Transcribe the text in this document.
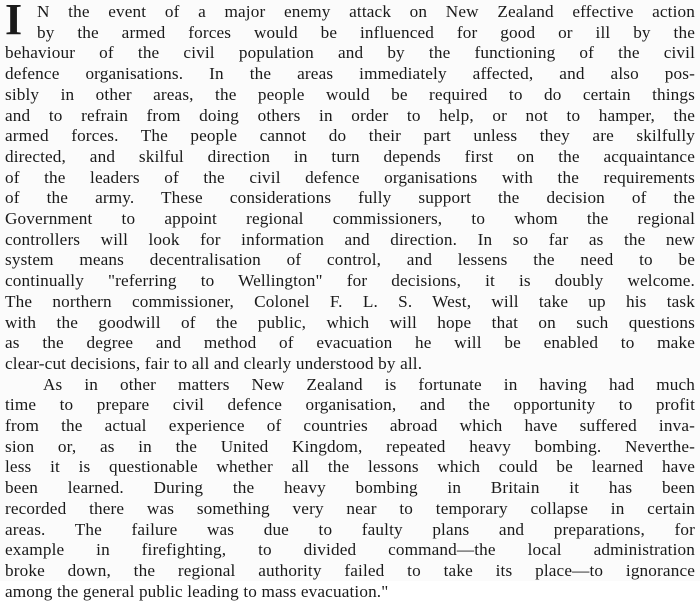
I N the event of a major enemy attack on New Zealand effective action
by the armed forces would be influenced for good or ill by the
behaviour of the civil population and by the functioning of the civil
defence organisations. In the areas immediately affected, and also pos-
sibly in other areas, the people would be required to do certain things
and to refrain from doing others in order to help, or not to hamper, the
armed forces. The people cannot do their part unless they are skilfully
directed, and skilful direction in turn depends first on the acquaintance
of the leaders of the civil defence organisations with the requirements
of the army. These considerations fully support the decision of the
Government to appoint regional commissioners, to whom the regional
controllers will look for information and direction. In so far as the new
system means decentralisation of control, and lessens the need to be
continually "referring to Wellington" for decisions, it is doubly welcome.
The northern commissioner, Colonel F. L. S. West, will take up his task
with the goodwill of the public, which will hope that on such questions
as the degree and method of evacuation he will be enabled to make
clear-cut decisions, fair to all and clearly understood by all.
As in other matters New Zealand is fortunate in having had much
time to prepare civil defence organisation, and the opportunity to profit
from the actual experience of countries abroad which have suffered inva-
sion or, as in the United Kingdom, repeated heavy bombing. Neverthe-
less it is questionable whether all the lessons which could be learned have
been learned. During the heavy bombing in Britain it has been
recorded there was something very near to temporary collapse in certain
areas. The failure was due to faulty plans and preparations, for
example in firefighting, to divided command—the local administration
broke down, the regional authority failed to take its place—to ignorance
among the general public leading to mass evacuation."
